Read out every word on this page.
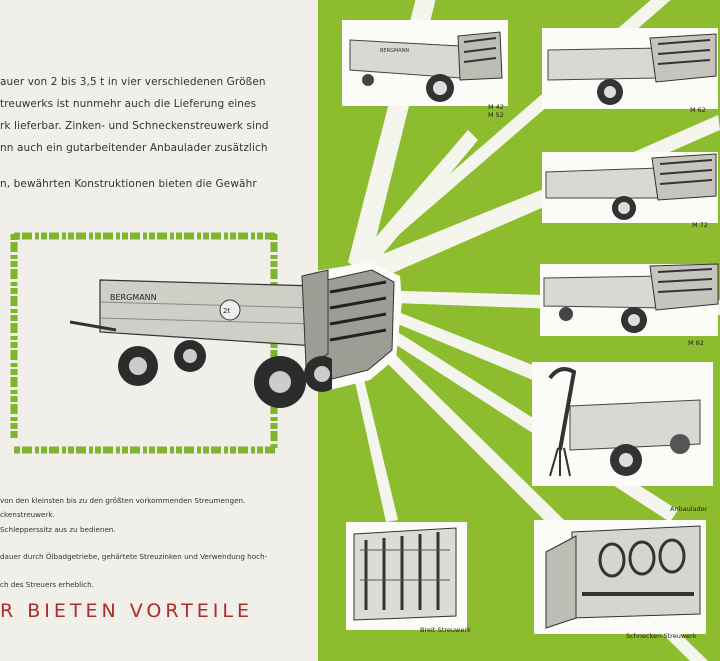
auer von 2 bis 3,5 t in vier verschiedenen Größen
treuwerks ist nunmehr auch die Lieferung eines
rk lieferbar. Zinken- und Schneckenstreuwerk sind
nn auch ein gutarbeitender Anbaulader zusätzlich
n, bewährten Konstruktionen bieten die Gewähr
von den kleinsten bis zu den größten vorkommenden Streumengen.
ckenstreuwerk.
Schlepperssitz aus zu bedienen.
dauer durch Ölbadgetriebe, gehärtete Streuzinken und Verwendung hoch-
ch des Streuers erheblich.
R BIETEN VORTEILE
BERGMANN
M 42
M 52
M 62
M 72
M 82
Anbaulader
Breit-Streuwerk
Schnecken-Streuwerk
BERGMANN
2t
